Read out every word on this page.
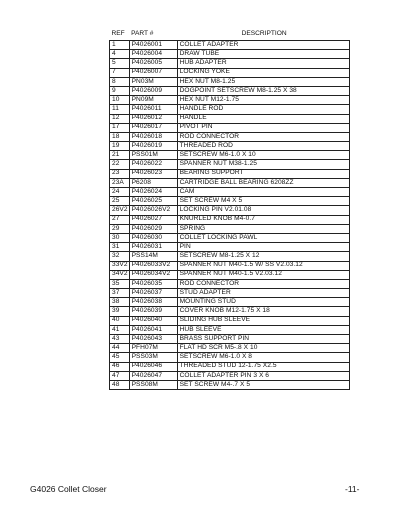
REF	PART #	DESCRIPTION
1	P4026001	COLLET ADAPTER
4	P4026004	DRAW TUBE
5	P4026005	HUB ADAPTER
7	P4026007	LOCKING YOKE
8	PN03M	HEX NUT M8-1.25
9	P4026009	DOGPOINT SETSCREW M8-1.25 X 38
10	PN09M	HEX NUT M12-1.75
11	P4026011	HANDLE ROD
12	P4026012	HANDLE
17	P4026017	PIVOT PIN
18	P4026018	ROD CONNECTOR
19	P4026019	THREADED ROD
21	PSS01M	SETSCREW M6-1.0 X 10
22	P4026022	SPANNER NUT M38-1.25
23	P4026023	BEARING SUPPORT
23A	P6208	CARTRIDGE BALL BEARING 6208ZZ
24	P4026024	CAM
25	P4026025	SET SCREW M4 X 5
26V2	P4026026V2	LOCKING PIN V2.01.08
27	P4026027	KNURLED KNOB M4-0.7
29	P4026029	SPRING
30	P4026030	COLLET LOCKING PAWL
31	P4026031	PIN
32	PSS14M	SETSCREW M8-1.25 X 12
33V2	P4026033V2	SPANNER NUT M40-1.5 W/ SS V2.03.12
34V2	P4026034V2	SPANNER NUT M40-1.5 V2.03.12
35	P4026035	ROD CONNECTOR
37	P4026037	STUD ADAPTER
38	P4026038	MOUNTING STUD
39	P4026039	COVER KNOB M12-1.75 X 18
40	P4026040	SLIDING HUB SLEEVE
41	P4026041	HUB SLEEVE
43	P4026043	BRASS SUPPORT PIN
44	PFH07M	FLAT HD SCR M5-.8 X 10
45	PSS03M	SETSCREW M6-1.0 X 8
46	P4026046	THREADED STUD 12-1.75 X2.5
47	P4026047	COLLET ADAPTER PIN 3 X 6
48	PSS08M	SET SCREW M4-.7 X 5
G4026 Collet Closer	-11-
